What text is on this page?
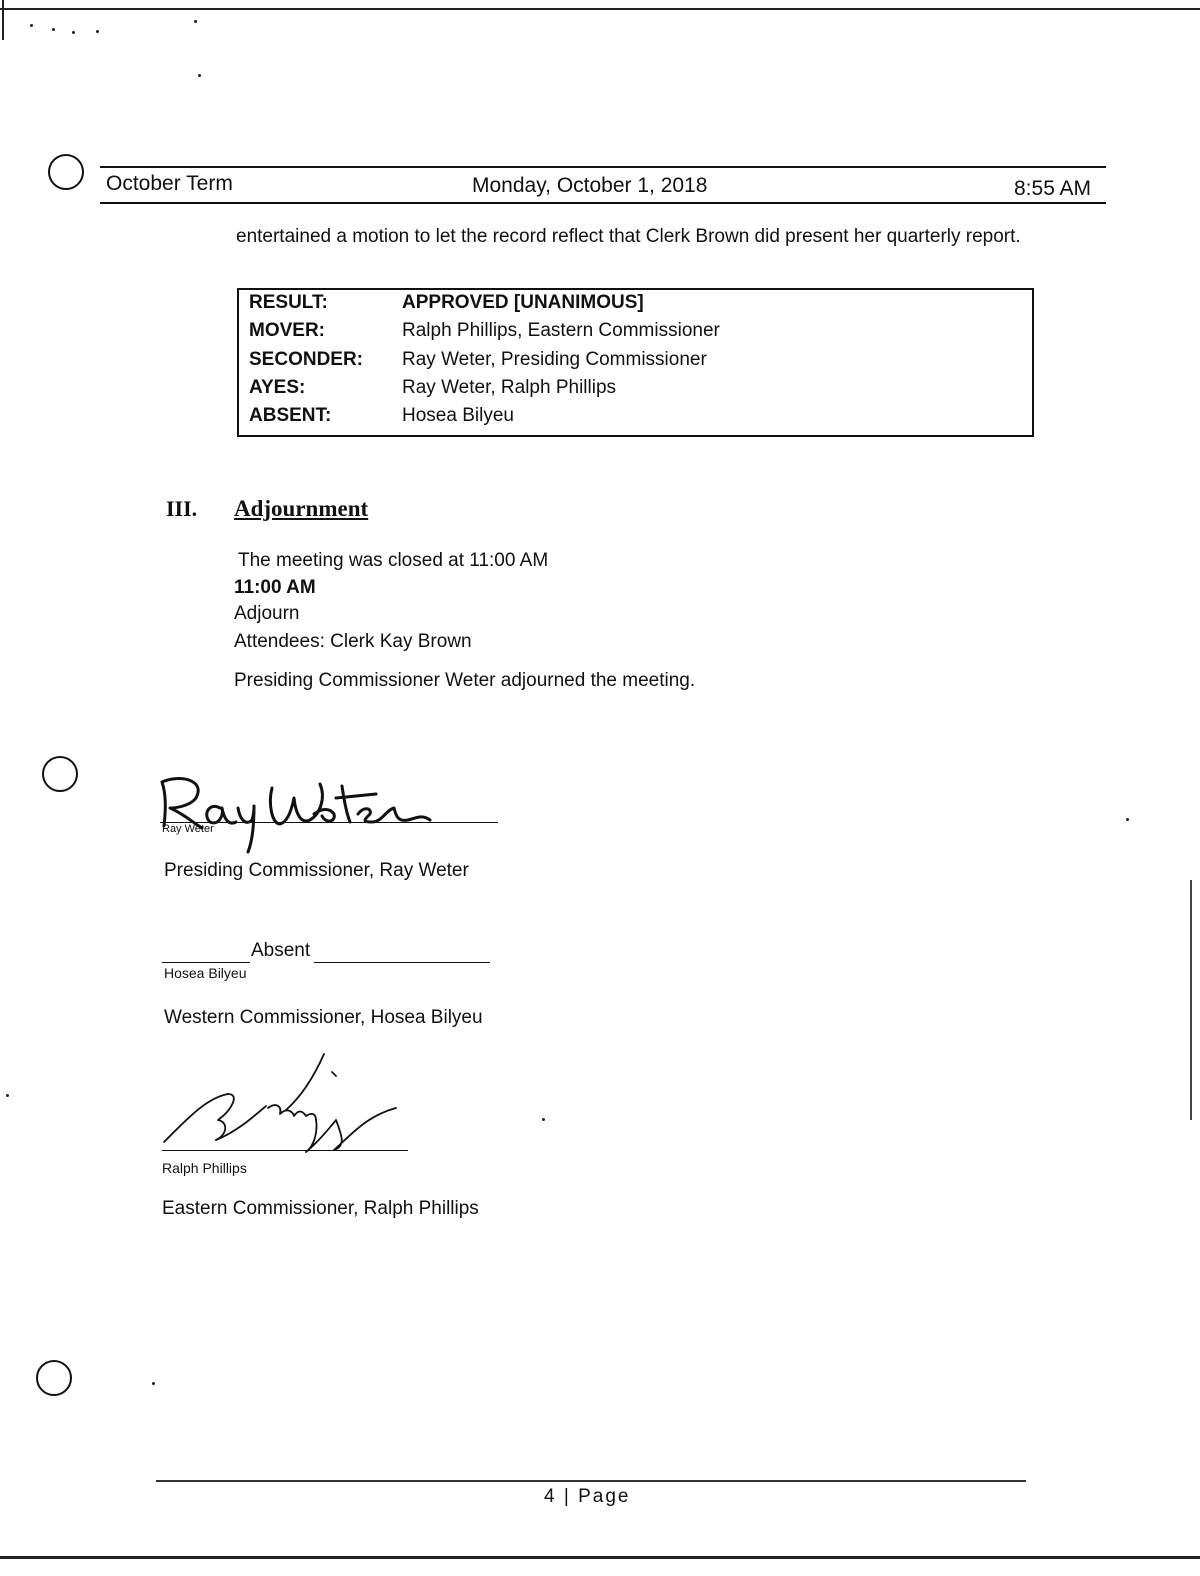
October Term	Monday, October 1, 2018	8:55 AM
entertained a motion to let the record reflect that Clerk Brown did present her quarterly report.
RESULT:	APPROVED [UNANIMOUS]
MOVER:	Ralph Phillips, Eastern Commissioner
SECONDER: Ray Weter, Presiding Commissioner
AYES:	Ray Weter, Ralph Phillips
ABSENT:	Hosea Bilyeu
III. Adjournment
The meeting was closed at 11:00 AM
11:00 AM
Adjourn
Attendees: Clerk Kay Brown
Presiding Commissioner Weter adjourned the meeting.
Ray Weter
Presiding Commissioner, Ray Weter
Absent
Hosea Bilyeu
Western Commissioner, Hosea Bilyeu
Ralph Phillips
Eastern Commissioner, Ralph Phillips
4 | Page
